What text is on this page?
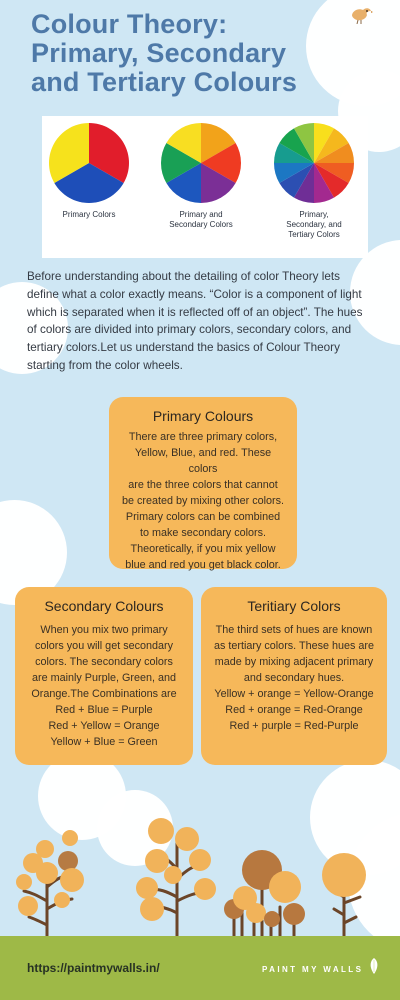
Colour Theory:
Primary, Secondary
and Tertiary Colours
Primary Colors	Primary and
Secondary Colors
Primary,
Secondary, and
Tertiary Colors

Before understanding about the detailing of color Theory lets define what a color exactly means. “Color is a component of light which is separated when it is reflected off of an object”. The hues of colors are divided into primary colors, secondary colors, and tertiary colors.Let us understand the basics of Colour Theory starting from the color wheels.

Primary Colours

There are three primary colors,
Yellow, Blue, and red. These colors
are the three colors that cannot
be created by mixing other colors.
Primary colors can be combined
to make secondary colors.
Theoretically, if you mix yellow
blue and red you get black color.

Secondary Colours

When you mix two primary
colors you will get secondary
colors. The secondary colors
are mainly Purple, Green, and
Orange.The Combinations are
Red + Blue = Purple
Red + Yellow = Orange
Yellow + Blue = Green

Teritiary Colors

The third sets of hues are known
as tertiary colors. These hues are
made by mixing adjacent primary
and secondary hues.
Yellow + orange = Yellow-Orange
Red + orange = Red-Orange
Red + purple = Red-Purple

https://paintmywalls.in/	PAINT MY WALLS
